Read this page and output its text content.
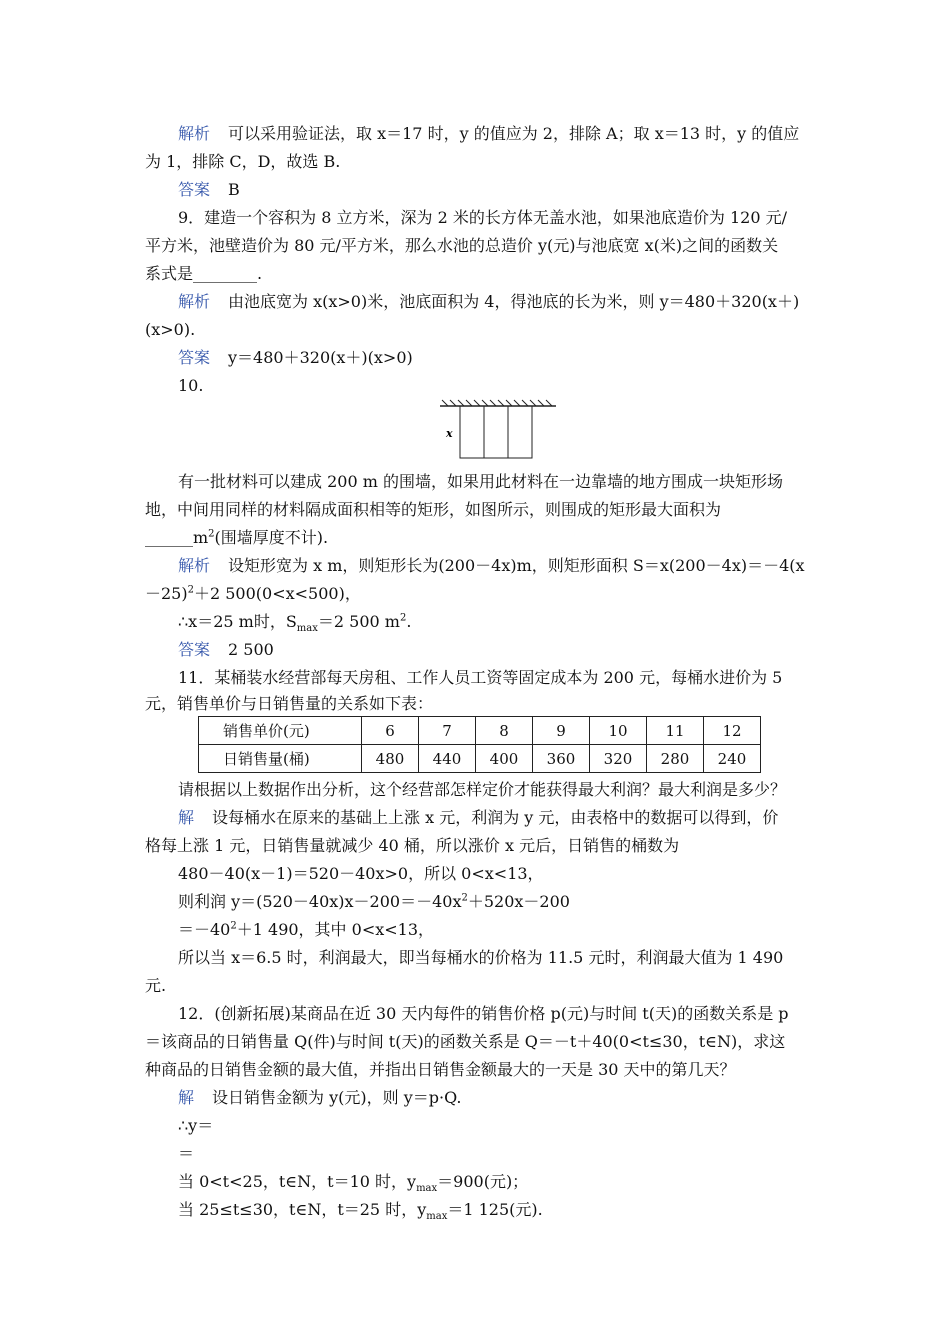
解析 可以采用验证法，取 x＝17 时，y 的值应为 2，排除 A；取 x＝13 时，y 的值应
为 1，排除 C，D，故选 B.
答案 B
9．建造一个容积为 8 立方米，深为 2 米的长方体无盖水池，如果池底造价为 120 元/
平方米，池壁造价为 80 元/平方米，那么水池的总造价 y(元)与池底宽 x(米)之间的函数关
系式是________.
解析 由池底宽为 x(x>0)米，池底面积为 4，得池底的长为米，则 y＝480＋320(x＋)
(x>0).
答案 y＝480＋320(x＋)(x>0)
10.
x
有一批材料可以建成 200 m 的围墙，如果用此材料在一边靠墙的地方围成一块矩形场
地，中间用同样的材料隔成面积相等的矩形，如图所示，则围成的矩形最大面积为
$\_\_\_\_\_\_m^2$(围墙厚度不计).
解析 设矩形宽为 x m，则矩形长为(200－4x)m，则矩形面积 S＝x(200－4x)＝－4(x
－25)$^2$＋2 500(0<x<500)，
∴x＝25 m时，$S_{max}=2$ 500 $m^2$.
答案 2 500
11．某桶装水经营部每天房租、工作人员工资等固定成本为 200 元，每桶水进价为 5
元，销售单价与日销售量的关系如下表：
销售单价(元)	6	7	8	9	10	11	12
日销售量(桶)	480	440	400	360	320	280	240
请根据以上数据作出分析，这个经营部怎样定价才能获得最大利润？最大利润是多少？
解 设每桶水在原来的基础上上涨 x 元，利润为 y 元，由表格中的数据可以得到，价
格每上涨 1 元，日销售量就减少 40 桶，所以涨价 x 元后，日销售的桶数为
480－40(x－1)＝520－40x>0，所以 0<x<13，
则利润 $y=(520-40x)x-200=-40x^2+520x-200$
$=-40^2+1$ 490，其中 0<x<13，
所以当 x＝6.5 时，利润最大，即当每桶水的价格为 11.5 元时，利润最大值为 1 490
元.
12．(创新拓展)某商品在近 30 天内每件的销售价格 p(元)与时间 t(天)的函数关系是 p
＝该商品的日销售量 Q(件)与时间 t(天)的函数关系是 Q＝－t＋40(0<t≤30，t∈N)，求这
种商品的日销售金额的最大值，并指出日销售金额最大的一天是 30 天中的第几天？
解 设日销售金额为 y(元)，则 y＝p·Q.
∴y＝
＝
当 0<t<25，t∈N，t＝10 时，$y_{max}=900$(元)；
当 25≤t≤30，t∈N，t＝25 时，$y_{max}=1$ 125(元).
